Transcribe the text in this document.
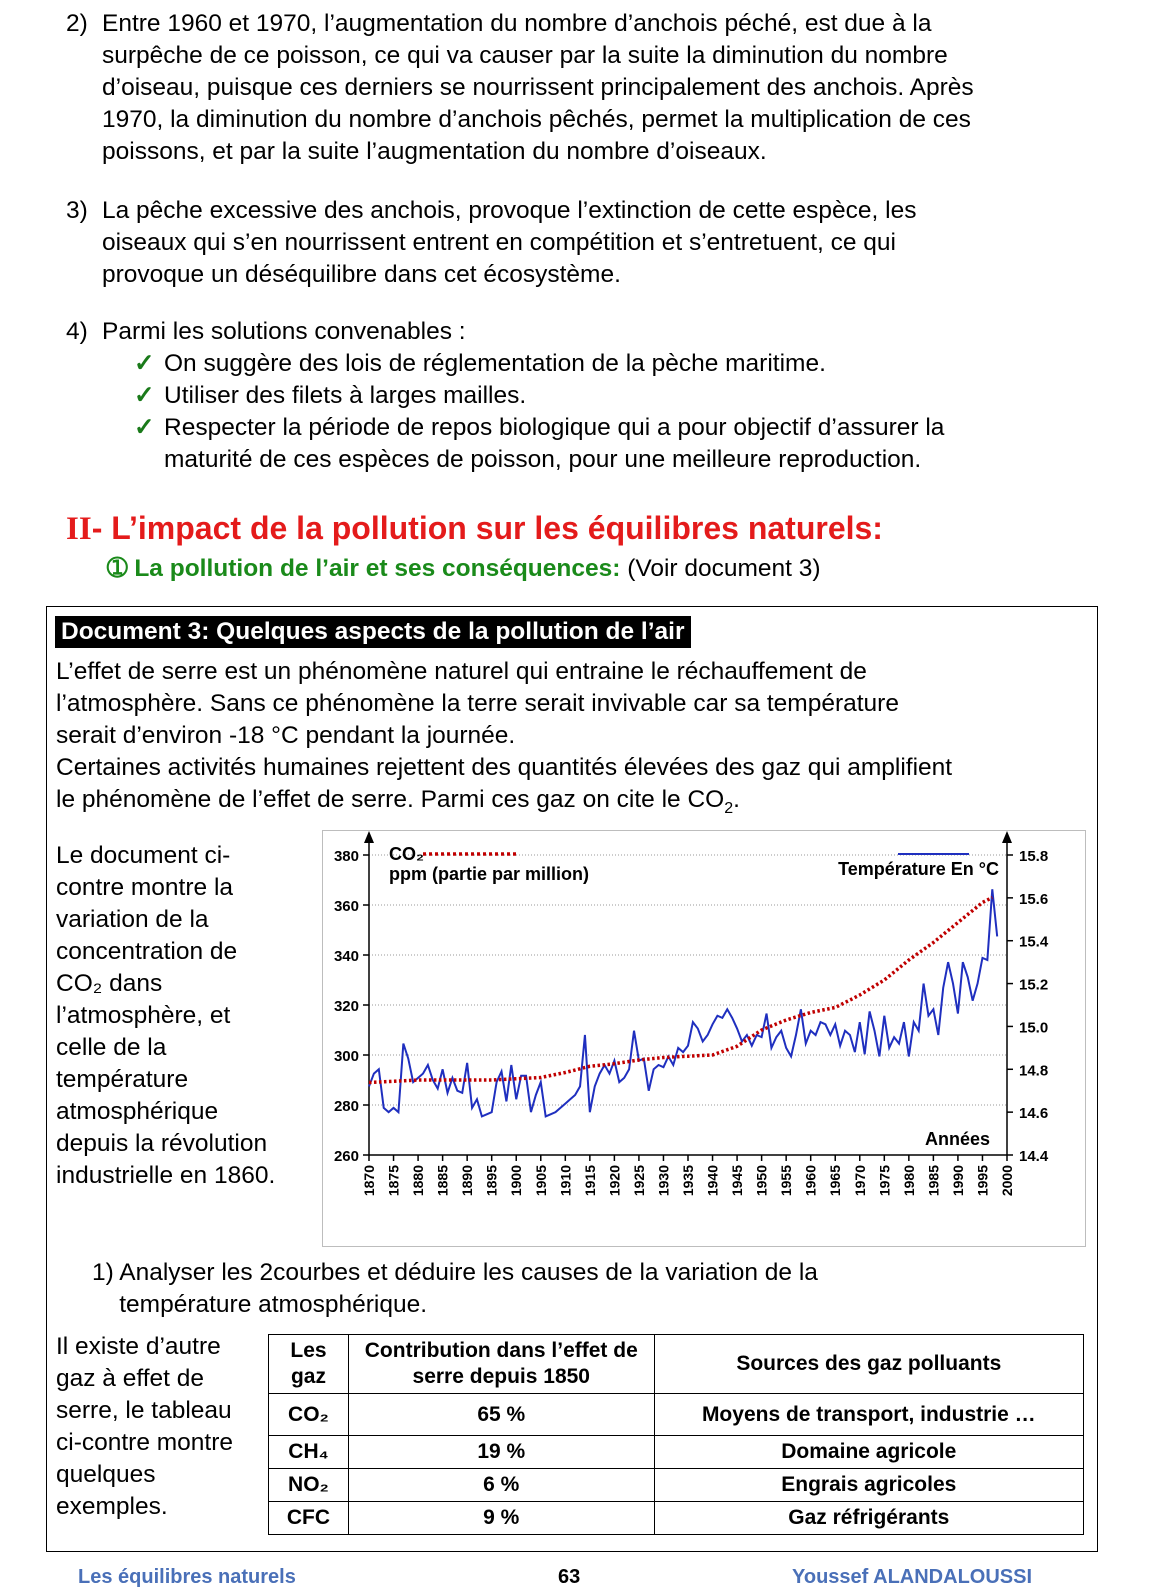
2) Entre 1960 et 1970, l’augmentation du nombre d’anchois péché, est due à la
surpêche de ce poisson, ce qui va causer par la suite la diminution du nombre
d’oiseau, puisque ces derniers se nourrissent principalement des anchois. Après
1970, la diminution du nombre d’anchois pêchés, permet la multiplication de ces
poissons, et par la suite l’augmentation du nombre d’oiseaux.
3) La pêche excessive des anchois, provoque l’extinction de cette espèce, les
oiseaux qui s’en nourrissent entrent en compétition et s’entretuent, ce qui
provoque un déséquilibre dans cet écosystème.
4) Parmi les solutions convenables :
✓ On suggère des lois de réglementation de la pèche maritime.
✓ Utiliser des filets à larges mailles.
✓ Respecter la période de repos biologique qui a pour objectif d’assurer la
maturité de ces espèces de poisson, pour une meilleure reproduction.
II- L’impact de la pollution sur les équilibres naturels:
➀ La pollution de l’air et ses conséquences: (Voir document 3)
Document 3: Quelques aspects de la pollution de l’air
L’effet de serre est un phénomène naturel qui entraine le réchauffement de
l’atmosphère. Sans ce phénomène la terre serait invivable car sa température
serait d’environ -18 °C pendant la journée.
Certaines activités humaines rejettent des quantités élevées des gaz qui amplifient
le phénomène de l’effet de serre. Parmi ces gaz on cite le $CO_2$.
Le document ci-
contre montre la
variation de la
concentration de
CO₂ dans
l’atmosphère, et
celle de la
température
atmosphérique
depuis la révolution
industrielle en 1860.
260
280
300
320
340
360
380
14.4
14.6
14.8
15.0
15.2
15.4
15.6
15.8
1870 1875 1880 1885 1890 1895 1900 1905 1910 1915 1920 1925 1930 1935 1940 1945 1950 1955 1960 1965 1970 1975 1980 1985 1990 1995 2000
CO₂
ppm (partie par million)	Température En °C
Années
1) Analyser les 2courbes et déduire les causes de la variation de la
température atmosphérique.
Il existe d’autre
gaz à effet de
serre, le tableau
ci-contre montre
quelques
exemples.
Les gaz	Contribution dans l’effet de serre depuis 1850	Sources des gaz polluants
CO₂	65 %	Moyens de transport, industrie …
CH₄	19 %	Domaine agricole
NO₂	6 %	Engrais agricoles
CFC	9 %	Gaz réfrigérants
Les équilibres naturels	63	Youssef ALANDALOUSSI
